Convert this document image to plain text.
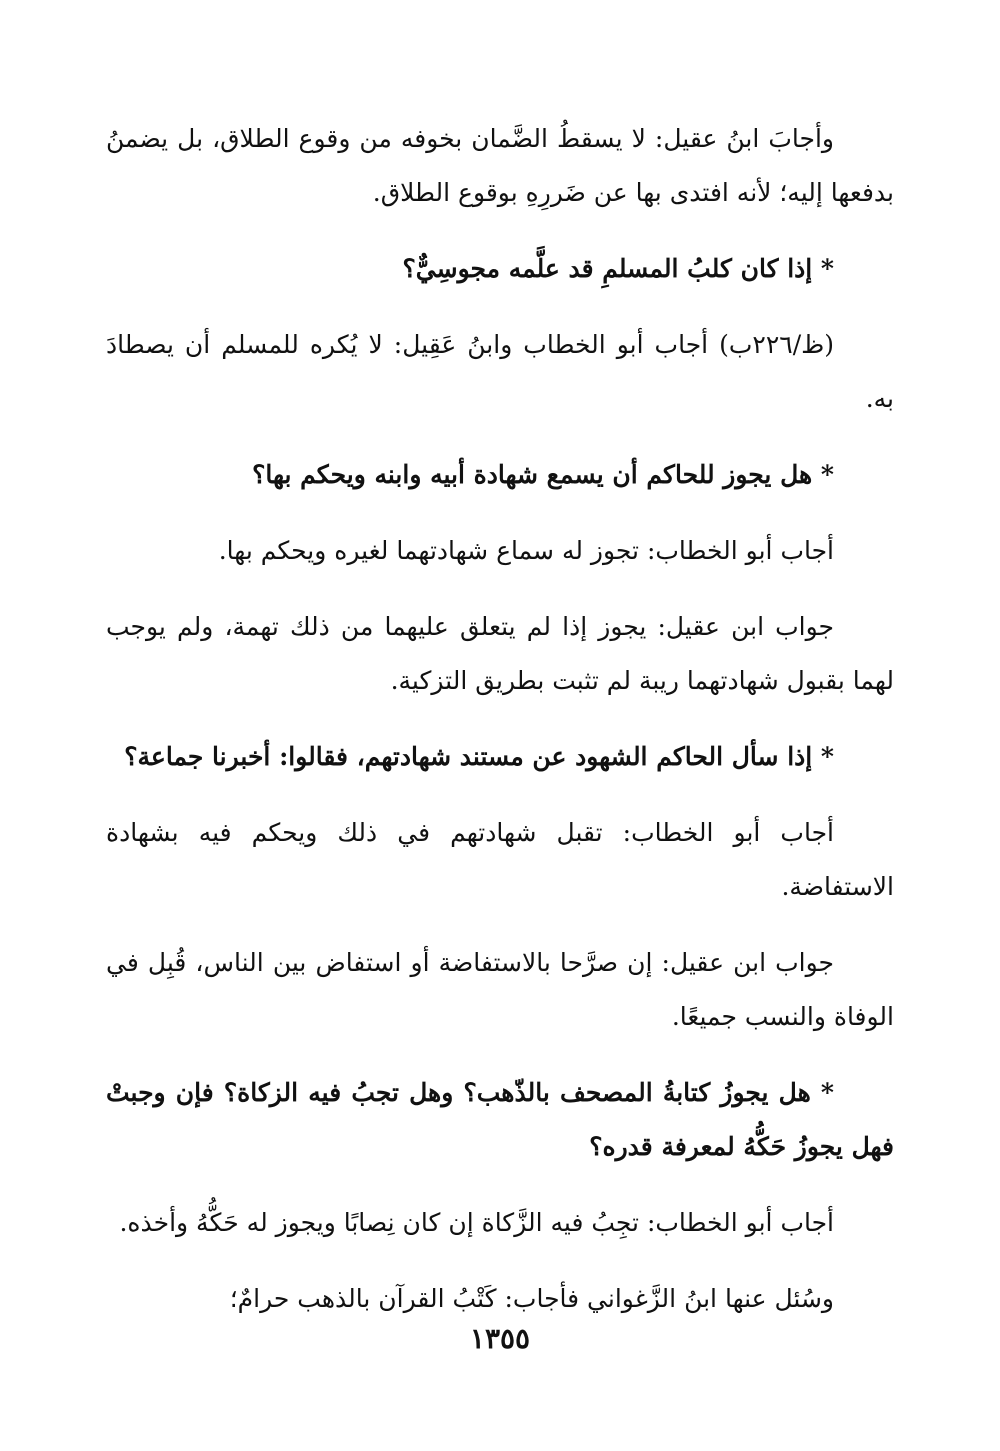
وأجابَ ابنُ عقيل: لا يسقطُ الضَّمان بخوفه من وقوع الطلاق، بل يضمنُ بدفعها إليه؛ لأنه افتدى بها عن ضَررِهِ بوقوع الطلاق.

* إذا كان كلبُ المسلمِ قد علَّمه مجوسِيٌّ؟

(ظ/٢٢٦ب) أجاب أبو الخطاب وابنُ عَقِيل: لا يُكره للمسلم أن يصطادَ به.

* هل يجوز للحاكم أن يسمع شهادة أبيه وابنه ويحكم بها؟

أجاب أبو الخطاب: تجوز له سماع شهادتهما لغيره ويحكم بها.

جواب ابن عقيل: يجوز إذا لم يتعلق عليهما من ذلك تهمة، ولم يوجب لهما بقبول شهادتهما ريبة لم تثبت بطريق التزكية.

* إذا سأل الحاكم الشهود عن مستند شهادتهم، فقالوا: أخبرنا جماعة؟

أجاب أبو الخطاب: تقبل شهادتهم في ذلك ويحكم فيه بشهادة الاستفاضة.

جواب ابن عقيل: إن صرَّحا بالاستفاضة أو استفاض بين الناس، قُبِل في الوفاة والنسب جميعًا.

* هل يجوزُ كتابةُ المصحف بالذّهب؟ وهل تجبُ فيه الزكاة؟ فإن وجبتْ فهل يجوزُ حَكُّهُ لمعرفة قدره؟

أجاب أبو الخطاب: تجِبُ فيه الزَّكاة إن كان نِصابًا ويجوز له حَكُّهُ وأخذه.

وسُئل عنها ابنُ الزَّغواني فأجاب: كَتْبُ القرآن بالذهب حرامٌ؛

١٣٥٥
